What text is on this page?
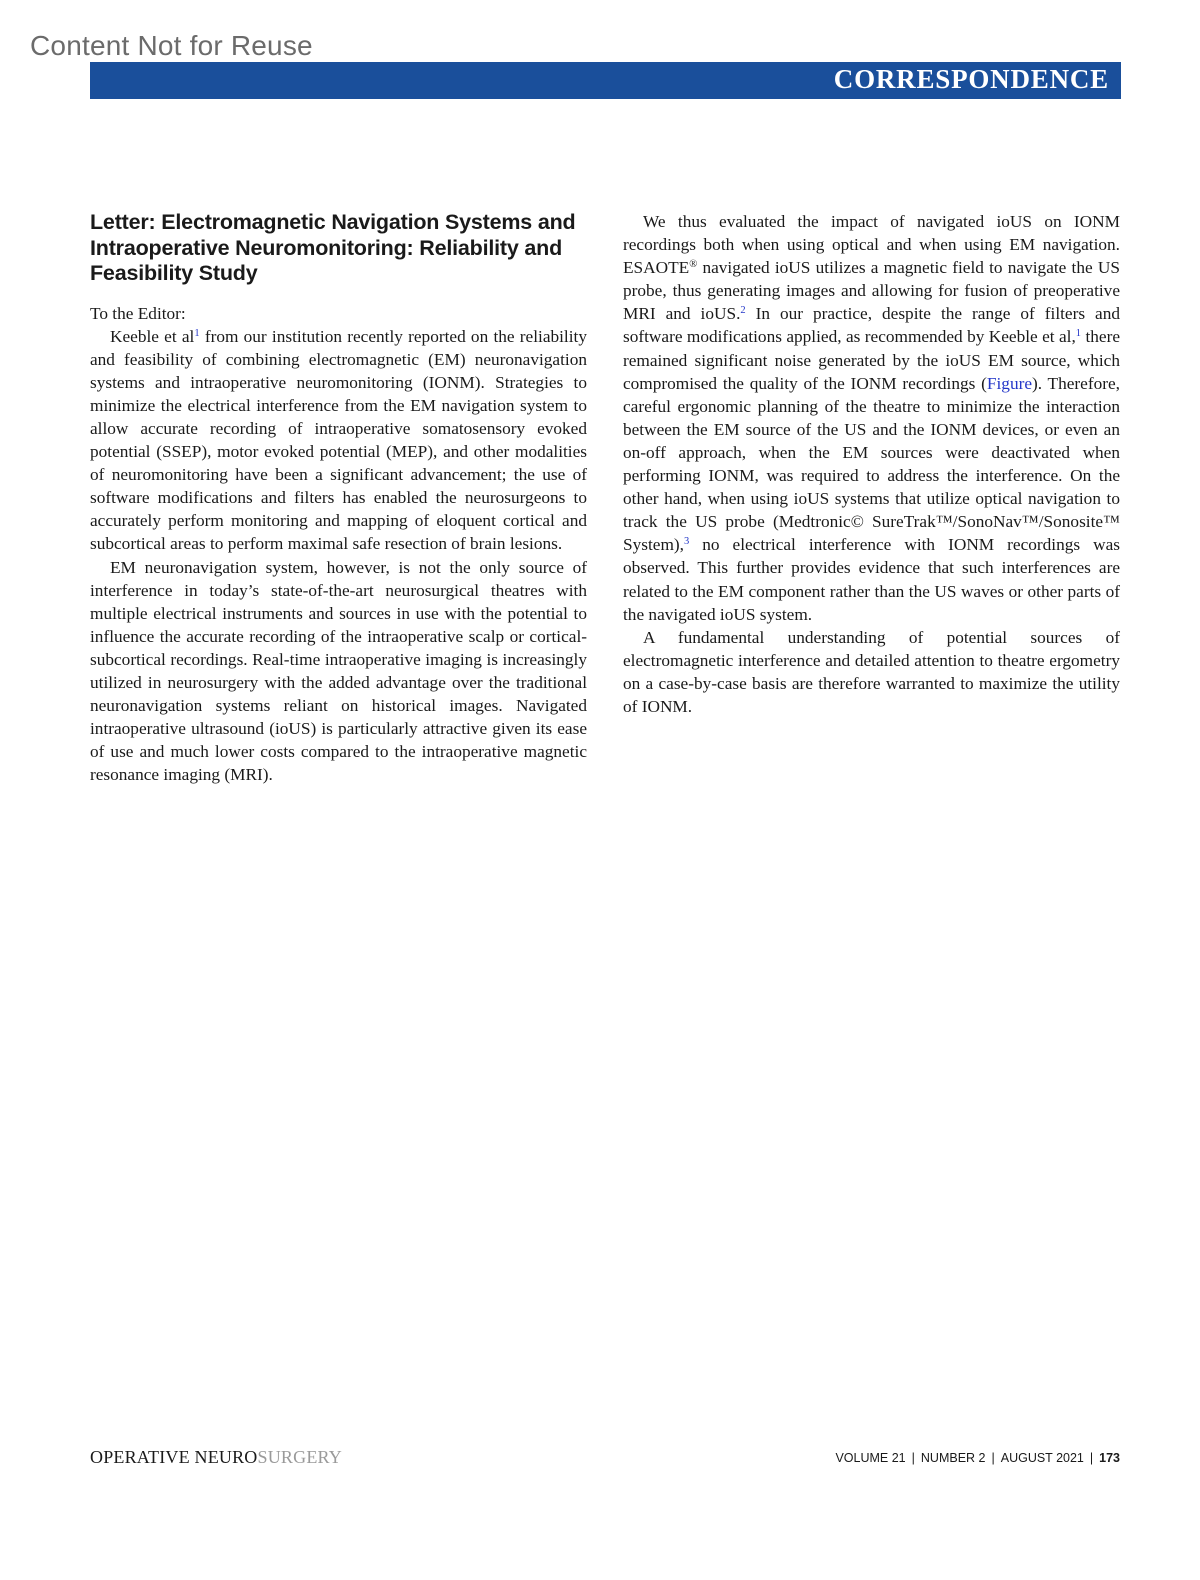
Content Not for Reuse
CORRESPONDENCE
Letter: Electromagnetic Navigation Systems and Intraoperative Neuromonitoring: Reliability and Feasibility Study

To the Editor:

Keeble et al$^1$ from our institution recently reported on the reliability and feasibility of combining electromagnetic (EM) neuronavigation systems and intraoperative neuromonitoring (IONM). Strategies to minimize the electrical interference from the EM navigation system to allow accurate recording of intraoperative somatosensory evoked potential (SSEP), motor evoked potential (MEP), and other modalities of neuromonitoring have been a significant advancement; the use of software modifications and filters has enabled the neurosurgeons to accurately perform monitoring and mapping of eloquent cortical and subcortical areas to perform maximal safe resection of brain lesions.

EM neuronavigation system, however, is not the only source of interference in today’s state-of-the-art neurosurgical theatres with multiple electrical instruments and sources in use with the potential to influence the accurate recording of the intraoperative scalp or cortical-subcortical recordings. Real-time intraoperative imaging is increasingly utilized in neurosurgery with the added advantage over the traditional neuronavigation systems reliant on historical images. Navigated intraoperative ultrasound (ioUS) is particularly attractive given its ease of use and much lower costs compared to the intraoperative magnetic resonance imaging (MRI).

We thus evaluated the impact of navigated ioUS on IONM recordings both when using optical and when using EM navigation. ESAOTE® navigated ioUS utilizes a magnetic field to navigate the US probe, thus generating images and allowing for fusion of preoperative MRI and ioUS.$^2$ In our practice, despite the range of filters and software modifications applied, as recommended by Keeble et al,$^1$ there remained significant noise generated by the ioUS EM source, which compromised the quality of the IONM recordings (Figure). Therefore, careful ergonomic planning of the theatre to minimize the interaction between the EM source of the US and the IONM devices, or even an on-off approach, when the EM sources were deactivated when performing IONM, was required to address the interference. On the other hand, when using ioUS systems that utilize optical navigation to track the US probe (Medtronic© SureTrak™/SonoNav™/Sonosite™ System),$^3$ no electrical interference with IONM recordings was observed. This further provides evidence that such interferences are related to the EM component rather than the US waves or other parts of the navigated ioUS system.

A fundamental understanding of potential sources of electromagnetic interference and detailed attention to theatre ergometry on a case-by-case basis are therefore warranted to maximize the utility of IONM.

OPERATIVE NEUROSURGERY	VOLUME 21 | NUMBER 2 | AUGUST 2021 | 173
